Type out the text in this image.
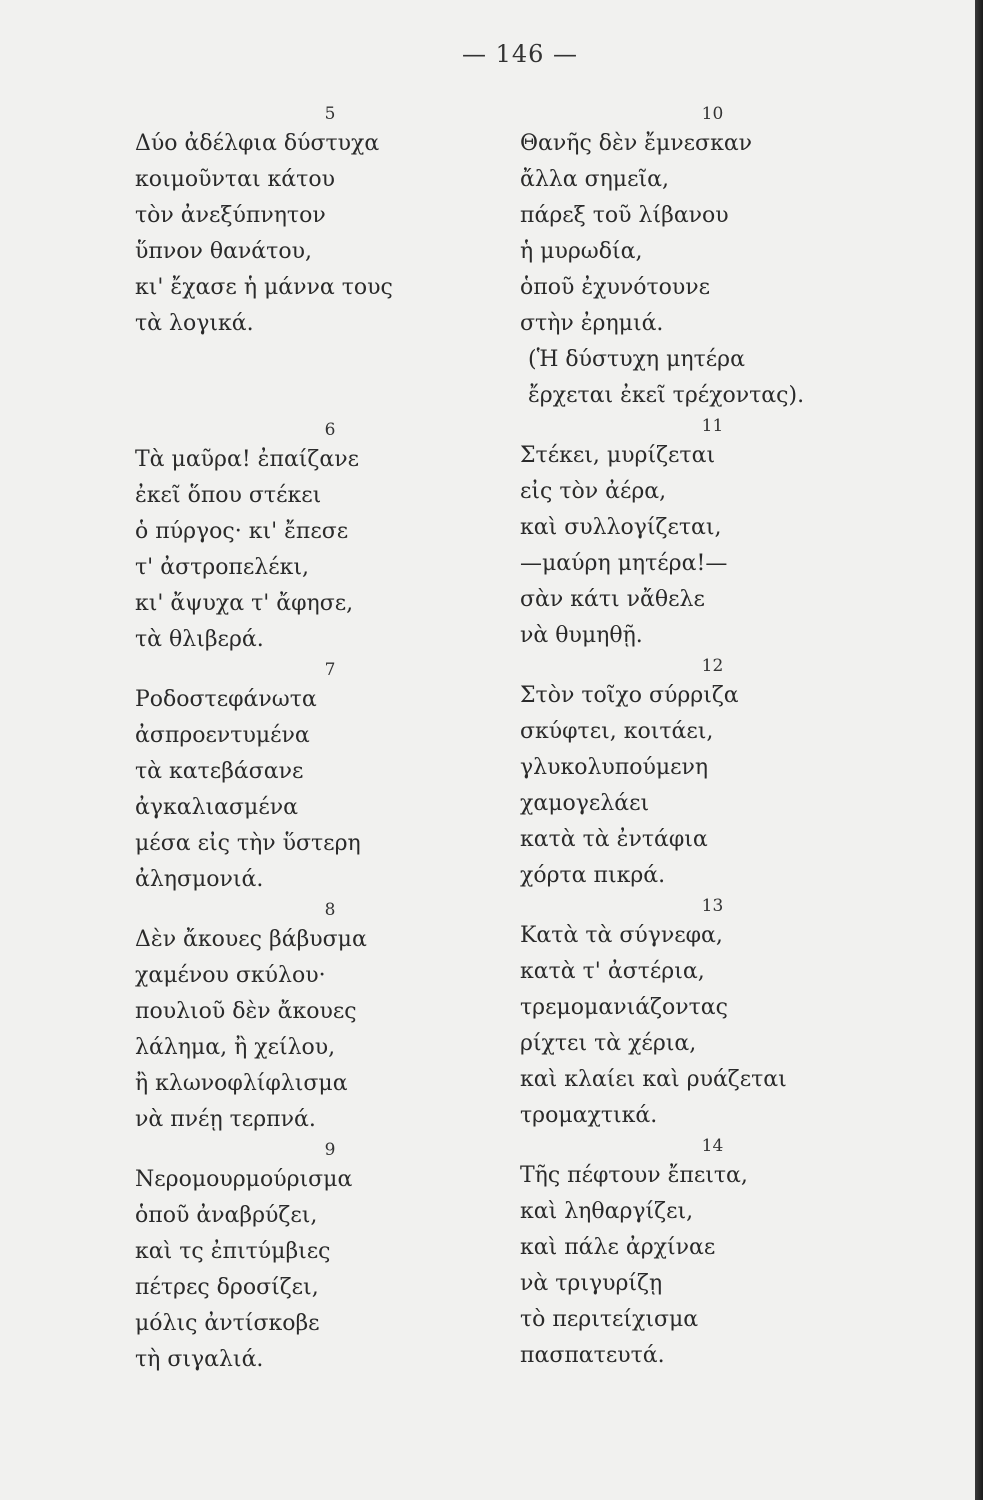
— 146 —
5
Δύο ἀδέλφια δύστυχα
κοιμοῦνται κάτου
τὸν ἀνεξύπνητον
ὕπνον θανάτου,
κι' ἔχασε ἡ μάννα τους
τὰ λογικά.
6
Τὰ μαῦρα! ἐπαίζανε
ἐκεῖ ὅπου στέκει
ὁ πύργος· κι' ἔπεσε
τ' ἀστροπελέκι,
κι' ἄψυχα τ' ἄφησε,
τὰ θλιβερά.
7
Ροδοστεφάνωτα
ἀσπροεντυμένα
τὰ κατεβάσανε
ἀγκαλιασμένα
μέσα εἰς τὴν ὕστερη
ἀλησμονιά.
8
Δὲν ἄκουες βάβυσμα
χαμένου σκύλου·
πουλιοῦ δὲν ἄκουες
λάλημα, ἢ χείλου,
ἢ κλωνοφλίφλισμα
νὰ πνέῃ τερπνά.
9
Νερομουρμούρισμα
ὁποῦ ἀναβρύζει,
καὶ τς ἐπιτύμβιες
πέτρες δροσίζει,
μόλις ἀντίσκοβε
τὴ σιγαλιά.
10
Θανῆς δὲν ἔμνεσκαν
ἄλλα σημεῖα,
πάρεξ τοῦ λίβανου
ἡ μυρωδία,
ὁποῦ ἐχυνότουνε
στὴν ἐρημιά.
(Ἡ δύστυχη μητέρα
ἔρχεται ἐκεῖ τρέχοντας).
11
Στέκει, μυρίζεται
εἰς τὸν ἀέρα,
καὶ συλλογίζεται,
—μαύρη μητέρα!—
σὰν κάτι νἄθελε
νὰ θυμηθῇ.
12
Στὸν τοῖχο σύρριζα
σκύφτει, κοιτάει,
γλυκολυπούμενη
χαμογελάει
κατὰ τὰ ἐντάφια
χόρτα πικρά.
13
Κατὰ τὰ σύγνεφα,
κατὰ τ' ἀστέρια,
τρεμομανιάζοντας
ρίχτει τὰ χέρια,
καὶ κλαίει καὶ ρυάζεται
τρομαχτικά.
14
Τῆς πέφτουν ἔπειτα,
καὶ ληθαργίζει,
καὶ πάλε ἀρχίναε
νὰ τριγυρίζῃ
τὸ περιτείχισμα
πασπατευτά.
